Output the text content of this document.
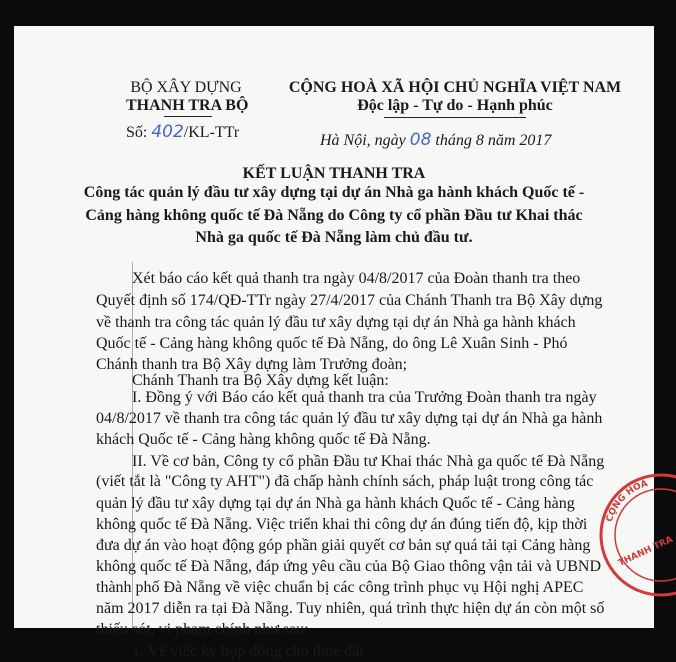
BỘ XÂY DỰNG
THANH TRA BỘ
Số: 402/KL-TTr
CỘNG HOÀ XÃ HỘI CHỦ NGHĨA VIỆT NAM
Độc lập - Tự do - Hạnh phúc
Hà Nội, ngày 08 tháng 8 năm 2017
KẾT LUẬN THANH TRA
Công tác quản lý đầu tư xây dựng tại dự án Nhà ga hành khách Quốc tế -
Cảng hàng không quốc tế Đà Nẵng do Công ty cổ phần Đầu tư Khai thác
Nhà ga quốc tế Đà Nẵng làm chủ đầu tư.
Xét báo cáo kết quả thanh tra ngày 04/8/2017 của Đoàn thanh tra theo
Quyết định số 174/QĐ-TTr ngày 27/4/2017 của Chánh Thanh tra Bộ Xây dựng
về thanh tra công tác quản lý đầu tư xây dựng tại dự án Nhà ga hành khách
Quốc tế - Cảng hàng không quốc tế Đà Nẵng, do ông Lê Xuân Sinh - Phó
Chánh thanh tra Bộ Xây dựng làm Trưởng đoàn;
Chánh Thanh tra Bộ Xây dựng kết luận:
I. Đồng ý với Báo cáo kết quả thanh tra của Trưởng Đoàn thanh tra ngày
04/8/2017 về thanh tra công tác quản lý đầu tư xây dựng tại dự án Nhà ga hành
khách Quốc tế - Cảng hàng không quốc tế Đà Nẵng.
II. Về cơ bản, Công ty cổ phần Đầu tư Khai thác Nhà ga quốc tế Đà Nẵng
(viết tắt là "Công ty AHT") đã chấp hành chính sách, pháp luật trong công tác
quản lý đầu tư xây dựng tại dự án Nhà ga hành khách Quốc tế - Cảng hàng
không quốc tế Đà Nẵng. Việc triển khai thi công dự án đúng tiến độ, kịp thời
đưa dự án vào hoạt động góp phần giải quyết cơ bản sự quá tải tại Cảng hàng
không quốc tế Đà Nẵng, đáp ứng yêu cầu của Bộ Giao thông vận tải và UBND
thành phố Đà Nẵng về việc chuẩn bị các công trình phục vụ Hội nghị APEC
năm 2017 diễn ra tại Đà Nẵng. Tuy nhiên, quá trình thực hiện dự án còn một số
thiếu sót, vi phạm chính như sau:
1. Về việc ký hợp đồng cho thuê đất
CỘNG HOÀ
THANH TRA
